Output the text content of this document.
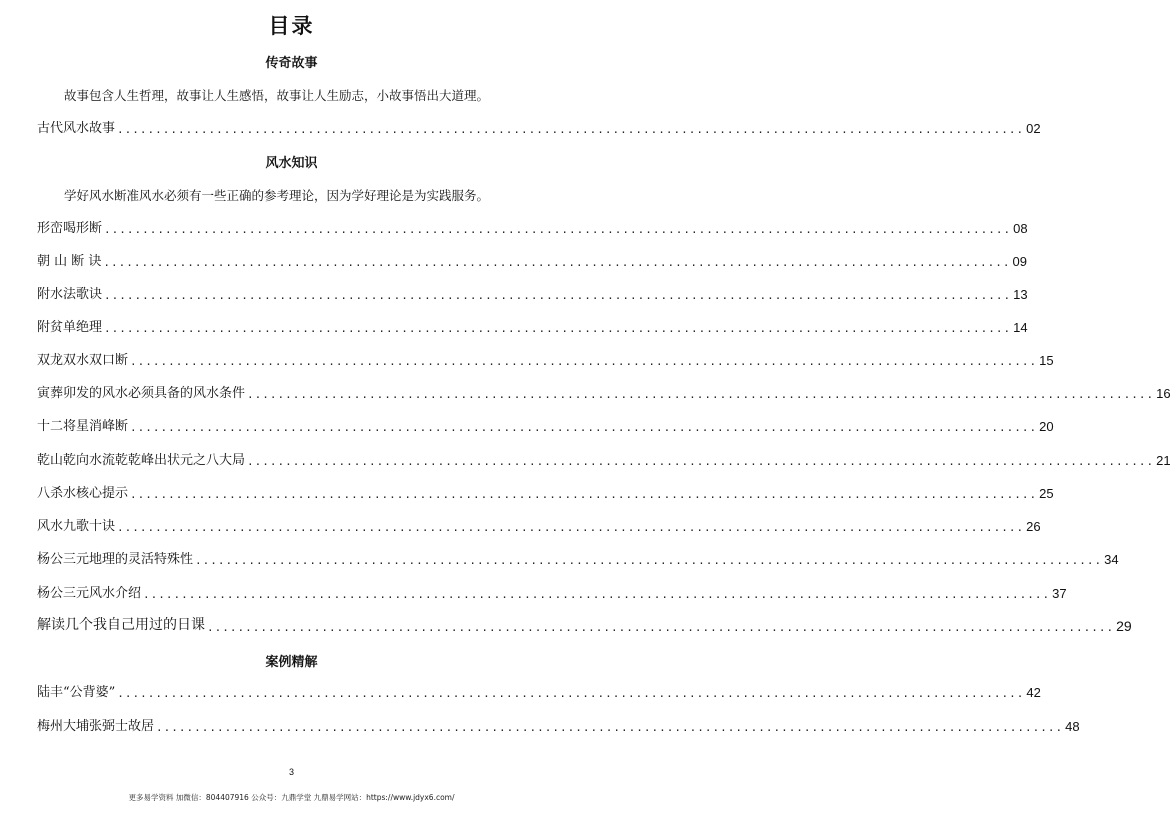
目录
传奇故事
故事包含人生哲理，故事让人生感悟，故事让人生励志，小故事悟出大道理。
古代风水故事 ....................................................................................................................... 02
风水知识
学好风水断准风水必须有一些正确的参考理论，因为学好理论是为实践服务。
形峦喝形断 ....................................................................................................................... 08
朝 山 断 诀 ....................................................................................................................... 09
附水法歌诀 ....................................................................................................................... 13
附贫单绝理 ....................................................................................................................... 14
双龙双水双口断 ....................................................................................................................... 15
寅葬卯发的风水必须具备的风水条件 ....................................................................................................................... 16
十二将星消峰断 ....................................................................................................................... 20
乾山乾向水流乾乾峰出状元之八大局 ....................................................................................................................... 21
八杀水核心提示 ....................................................................................................................... 25
风水九歌十诀 ....................................................................................................................... 26
杨公三元地理的灵活特殊性 ....................................................................................................................... 34
杨公三元风水介绍 ....................................................................................................................... 37
解读几个我自己用过的日课 ....................................................................................................................... 29
案例精解
陆丰“公背婆” ....................................................................................................................... 42
梅州大埔张弼士故居 ....................................................................................................................... 48
3
更多易学资料 加微信：804407916 公众号：九鼎学堂 九鼎易学网站：https://www.jdyx6.com/
